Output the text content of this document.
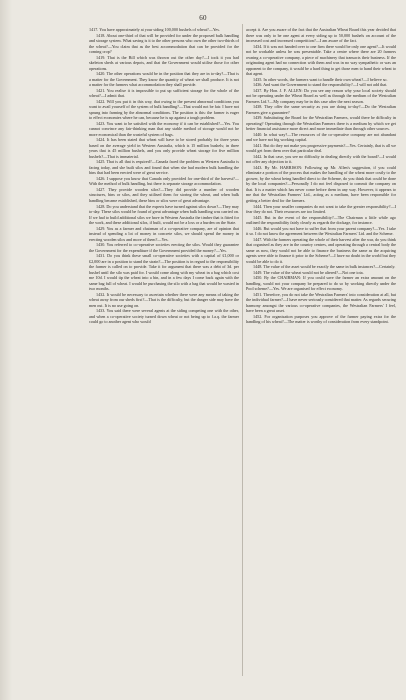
60

1417. You have approximately at your siding 100,000 bushels of wheat?—Yes.

1418. About one-third of that will be provided for under the proposed bulk handling and storage system. What saving is it to the other persons who own the other two-thirds of the wheat?—You claim that as the best accommodation that can be provided for the coming crop?

1419. That is the Bill which was thrown out the other day?—I took it you had skeleton sheds at various depots, and that the Government would utilise those for other operations.

1420. The other operations would be in the position that they are in to-day?—That is a matter for the Government. They know the quantity of wheat we shall produce. It is not a matter for the farmers what accommodation they shall provide.

1421. You realise it is impossible to put up sufficient storage for the whole of the wheat?—I admit that.

1422. Will you put it in this way, that owing to the present abnormal conditions you want to avail yourself of the system of bulk handling?—That would not be fair. I have not sprung into farming by the abnormal conditions. The position is this: the farmer is eager to effect economies where he can, because he is up against a tough problem.

1423. You want to be satisfied with the economy if it can be established?—Yes. You cannot convince any fair-thinking man that any stable method of storage would not be more economical than the wasteful system of bags.

1424. It has been stated that wheat will have to be stored probably for three years based on the average yield in Western Australia, which is 15 million bushels; in three years that is 45 million bushels, and you only provide wheat storage for five million bushels?—That is immaterial.

1425. That is all that is required?—Canada faced the problem as Western Australia is facing today, and she built silos and found that when she had modern bulk handling the bins that had been erected were of great service.

1426. I suppose you know that Canada only provided for one-third of the harvest?—With the method of bulk handling, but there is separate storage accommodation.

1427. They provide wooden silos?—They did provide a number of wooden structures, bins or silos, and they utilised them for storing the wheat, and when bulk handling became established, these bins or silos were of great advantage.

1428. Do you understand that the experts have turned against silos down?—They may to-day. These silos would be found of great advantage when bulk handling was carried on. If we had to build additional silos we have in Western Australia the timber that is fitted for the work, and these additional silos, if built, would not be a loss or a burden on the State.

1429. You as a farmer and chairman of a co-operative company, are of opinion that instead of spending a lot of money in concrete silos, we should spend the money in erecting wooden silos and more of them?—Yes.

1430. You referred to co-operative societies erecting the silos. Would they guarantee the Government for the expenditure if the Government provided the money?—Yes.

1431. Do you think these small co-operative societies with a capital of £1,000 or £2,000 are in a position to stand the strain?—The position is in regard to the responsibility the farmer is called on to provide. Take it for argument that there was a debt of 3d. per bushel until the silo was paid for. I would come along with my wheat in a bag which cost me 10d. I would tip the wheat into a bin, and in a few days I come back again with the same bag full of wheat. I would be purchasing the silo with a bag that would be wasted in two months.

1432. It would be necessary to ascertain whether there were any means of taking the wheat away from our sheds first?—That is the difficulty, but the danger side may have the men out. It is no use going on.

1433. You said there were several agents at the siding competing one with the other, and when a co-operative society turned down wheat or not being up to f.a.q. the farmer could go to another agent who would

accept it. Are you aware of the fact that the Australian Wheat Board this year decided that there was only to be one agent at every siding up to 50,000 bushels on account of the increased cost and increased competition?—I am aware of the fact.

1434. If it was not handed over to one firm there would be only one agent?—It would not be workable unless he was presentable. Take a centre where there are 20 farmers owning a co-operative company, a piece of machinery that transacts their business. If the originating agent had no connection with them and was in no way sympathetic or was an opponent to the company, it would be a hard thing to get those men to hand their wheat to that agent.

1435. In other words, the farmers want to handle their own wheat?—I believe so.

1436. And want the Government to stand the responsibility?—I will not add that.

1437. By Hon. J. F. ALLEN: Do you see any reason why your local society should not be operating under the Wheat Board as well as through the medium of the Westralian Farmers Ltd.?—My company may be in this case after the next season.

1438. They offer the same security as you are doing to-day?—Do the Westralian Farmers give a guarantee?

1439. Substituting the Board for the Westralian Farmers, would there be difficulty in operating? Operating through the Westralian Farmers there is a medium by which we get better financial assistance more direct and more immediate than through other sources.

1440. In what way?—The resources of the co-operative company are not abundant and we have not big working capital.

1441. But do they not make you progressive payments?—Yes. Certainly, that is all we would get from them over that particular deal.

1442. In that case, you see no difficulty in dealing directly with the board?—I would not offer any objection to it.

1443. By Mr. HARRISON: Following up Mr. Allen's suggestion, if you could eliminate a portion of the process that makes the handling of the wheat more costly to the grower, by the wheat being handled direct to the Scheme, do you think that could be done by the local companies?—Personally I do not feel disposed to commit the company on that. It is a matter which has never come before them in any way. However, it appears to me that the Westralian Farmers' Ltd., acting as a medium, have been responsible for getting a better deal for the farmers.

1444. Then your smaller companies do not want to take the greater responsibility?—I fear they do not. Their resources are too limited.

1445. But in the event of the responsibility?—The Chairman a little while ago outlined the responsibility fairly clearly as regards the dockage, for instance.

1446. But would you not have to suffer that from your parent company?—Yes. I take it so. I do not know the agreement between the Westralian Farmers' Ltd. and the Scheme.

1447. With the farmers operating the whole of their harvest after the war, do you think that organised as they are in the country centres, and operating through a central body the same as now, they would not be able to finance the business the same as the acquiring agents were able to finance it prior to the Scheme?—I have no doubt in the world but they would be able to do it.

1448. The value of the asset would be exactly the same in bulk instances?—Certainly.

1449. The value of the wheat would not be altered?—Not one iota.

1450. By the CHAIRMAN: If you could save the farmer an extra amount on the handling, would not your company be prepared to do so by working directly under the Pool scheme?—Yes. We are organised for effect economy.

1451. Therefore, you do not take the Westralian Farmers' into consideration at all, but the individual farmer?—I have never seriously considered that matter. As regards securing harmony amongst the various co-operative companies, the Westralian Farmers' I feel, have been a great asset.

1452. For organisation purposes you approve of the farmer paying extra for the handling of his wheat?—The matter is worthy of consideration from every standpoint.
